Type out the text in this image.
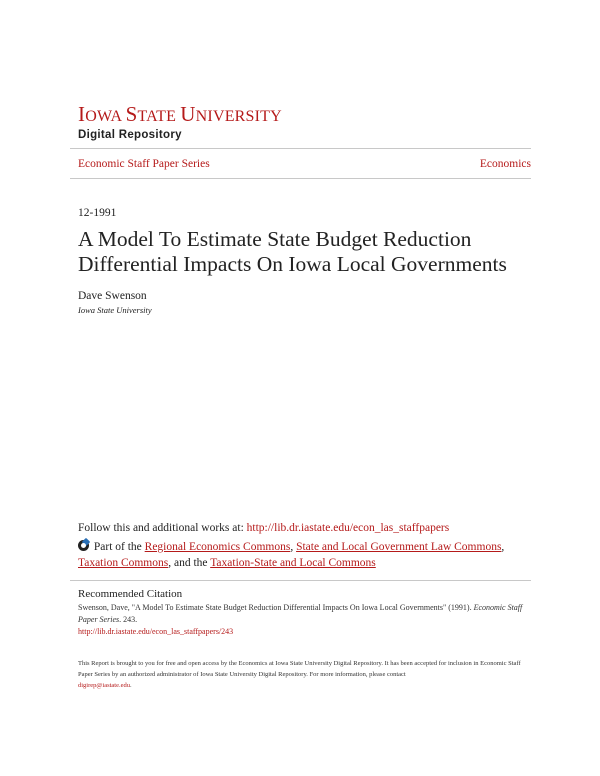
IOWA STATE UNIVERSITY
Digital Repository
Economic Staff Paper Series	Economics
12-1991
A Model To Estimate State Budget Reduction Differential Impacts On Iowa Local Governments
Dave Swenson
Iowa State University
Follow this and additional works at: http://lib.dr.iastate.edu/econ_las_staffpapers
Part of the Regional Economics Commons, State and Local Government Law Commons, Taxation Commons, and the Taxation-State and Local Commons
Recommended Citation
Swenson, Dave, "A Model To Estimate State Budget Reduction Differential Impacts On Iowa Local Governments" (1991). Economic Staff Paper Series. 243.
http://lib.dr.iastate.edu/econ_las_staffpapers/243
This Report is brought to you for free and open access by the Economics at Iowa State University Digital Repository. It has been accepted for inclusion in Economic Staff Paper Series by an authorized administrator of Iowa State University Digital Repository. For more information, please contact
digirep@iastate.edu.
